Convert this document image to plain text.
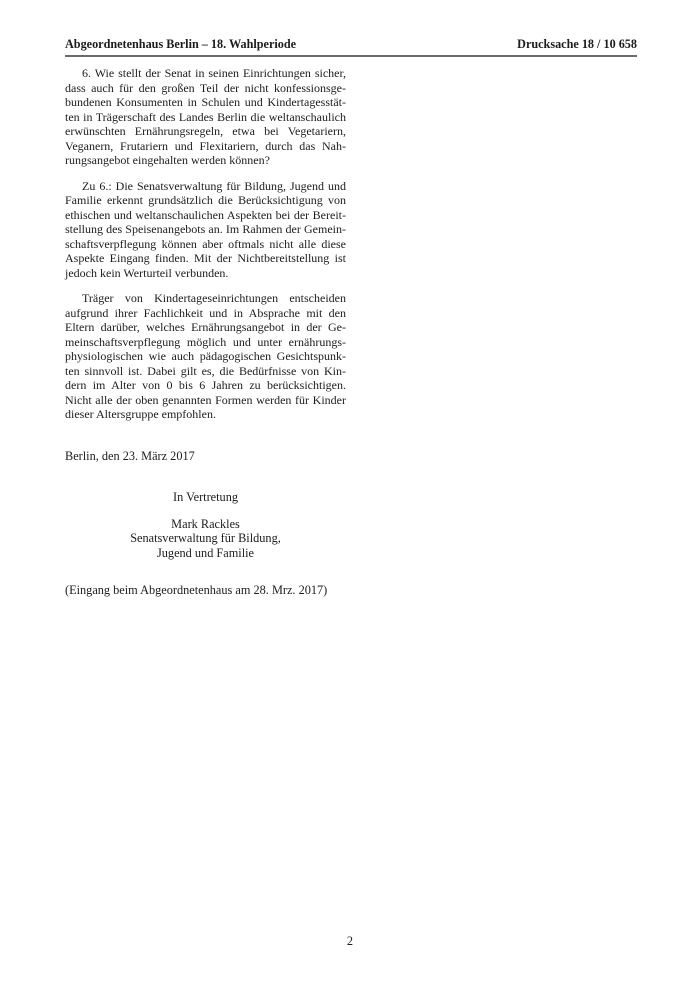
Abgeordnetenhaus Berlin – 18. Wahlperiode	Drucksache 18 / 10 658
6. Wie stellt der Senat in seinen Einrichtungen sicher,
dass auch für den großen Teil der nicht konfessionsge-
bundenen Konsumenten in Schulen und Kindertagesstät-
ten in Trägerschaft des Landes Berlin die weltanschaulich
erwünschten Ernährungsregeln, etwa bei Vegetariern,
Veganern, Frutariern und Flexitariern, durch das Nah-
rungsangebot eingehalten werden können?
Zu 6.: Die Senatsverwaltung für Bildung, Jugend und
Familie erkennt grundsätzlich die Berücksichtigung von
ethischen und weltanschaulichen Aspekten bei der Bereit-
stellung des Speisenangebots an. Im Rahmen der Gemein-
schaftsverpflegung können aber oftmals nicht alle diese
Aspekte Eingang finden. Mit der Nichtbereitstellung ist
jedoch kein Werturteil verbunden.
Träger von Kindertageseinrichtungen entscheiden
aufgrund ihrer Fachlichkeit und in Absprache mit den
Eltern darüber, welches Ernährungsangebot in der Ge-
meinschaftsverpflegung möglich und unter ernährungs-
physiologischen wie auch pädagogischen Gesichtspunk-
ten sinnvoll ist. Dabei gilt es, die Bedürfnisse von Kin-
dern im Alter von 0 bis 6 Jahren zu berücksichtigen.
Nicht alle der oben genannten Formen werden für Kinder
dieser Altersgruppe empfohlen.
Berlin, den 23. März 2017
In Vertretung
Mark Rackles
Senatsverwaltung für Bildung,
Jugend und Familie
(Eingang beim Abgeordnetenhaus am 28. Mrz. 2017)
2
